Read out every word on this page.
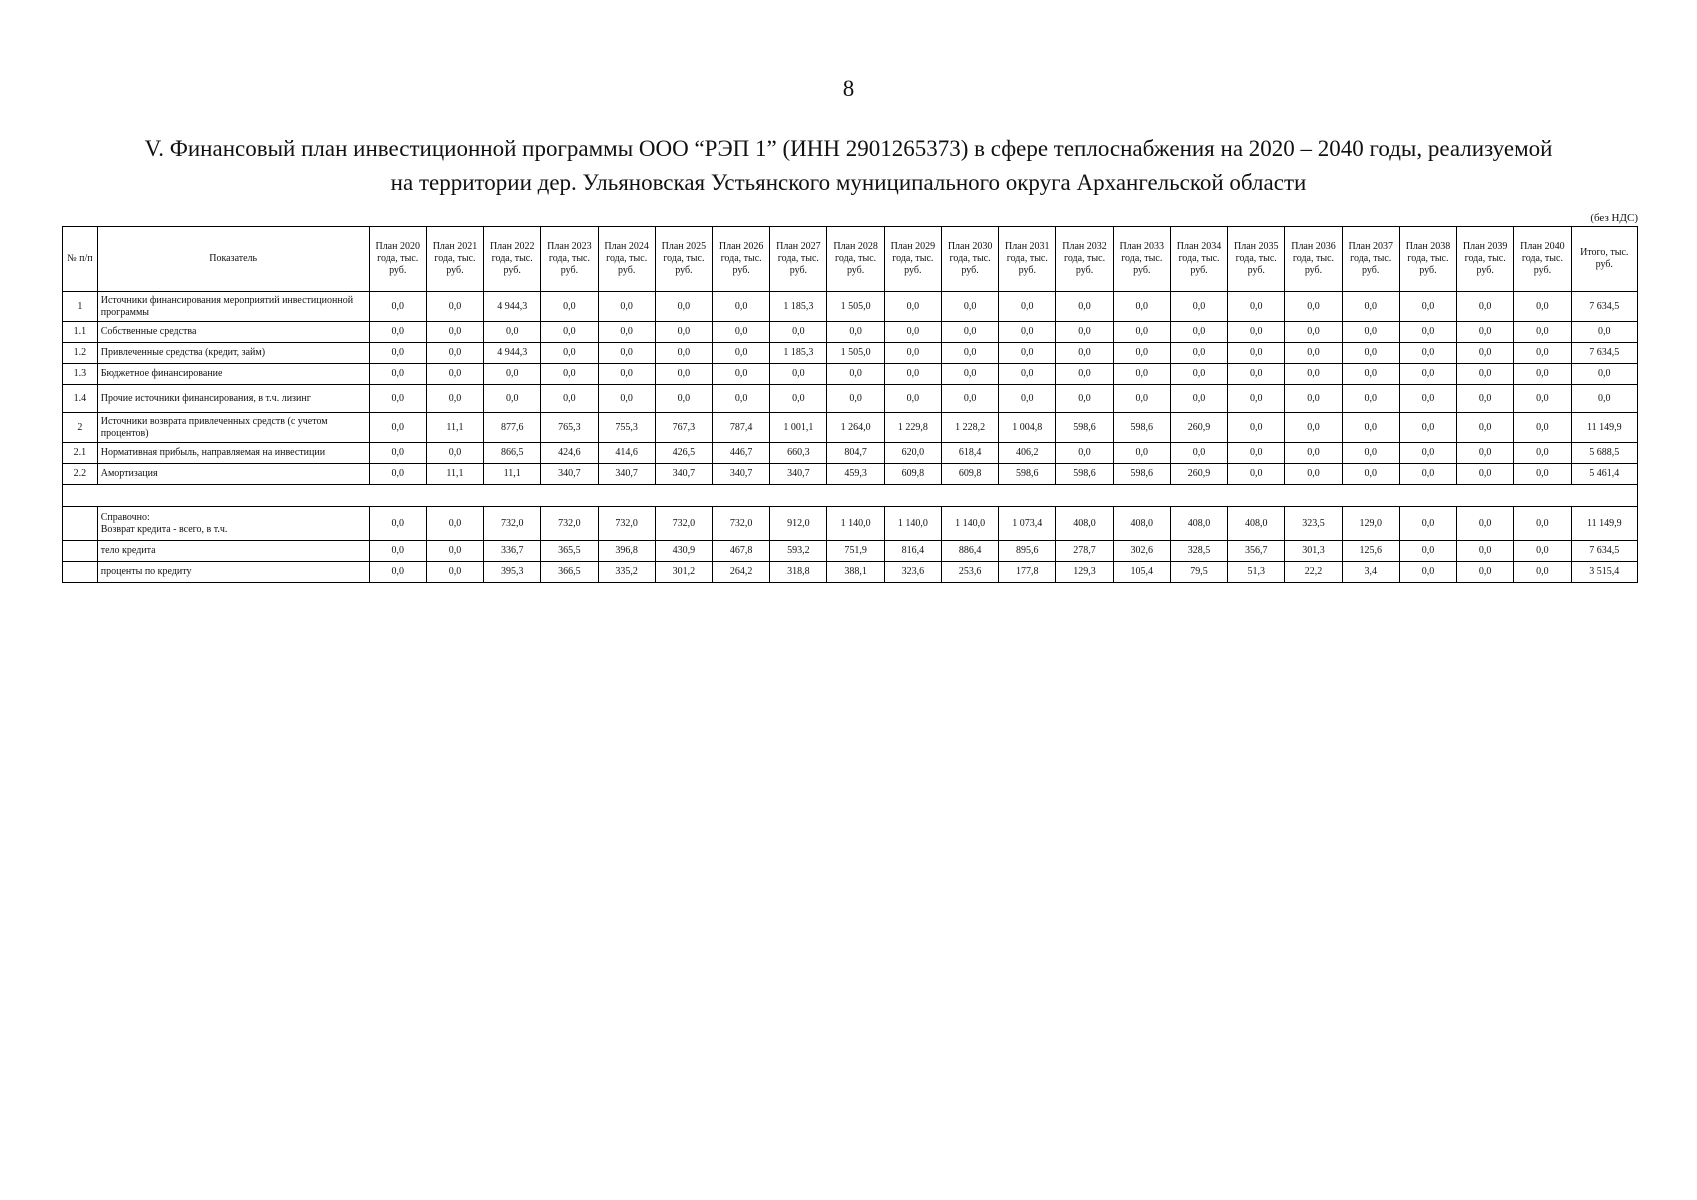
8
V. Финансовый план инвестиционной программы ООО “РЭП 1” (ИНН 2901265373) в сфере теплоснабжения на 2020 – 2040 годы, реализуемой
на территории дер. Ульяновская Устьянского муниципального округа Архангельской области
(без НДС)
№ п/п	Показатель	План 2020 года, тыс. руб.	План 2021 года, тыс. руб.	План 2022 года, тыс. руб.	План 2023 года, тыс. руб.	План 2024 года, тыс. руб.	План 2025 года, тыс. руб.	План 2026 года, тыс. руб.	План 2027 года, тыс. руб.	План 2028 года, тыс. руб.	План 2029 года, тыс. руб.	План 2030 года, тыс. руб.	План 2031 года, тыс. руб.	План 2032 года, тыс. руб.	План 2033 года, тыс. руб.	План 2034 года, тыс. руб.	План 2035 года, тыс. руб.	План 2036 года, тыс. руб.	План 2037 года, тыс. руб.	План 2038 года, тыс. руб.	План 2039 года, тыс. руб.	План 2040 года, тыс. руб.	Итого, тыс. руб.
1	Источники финансирования мероприятий инвестиционной программы	0,0	0,0	4 944,3	0,0	0,0	0,0	0,0	1 185,3	1 505,0	0,0	0,0	0,0	0,0	0,0	0,0	0,0	0,0	0,0	0,0	0,0	0,0	7 634,5
1.1	Собственные средства	0,0	0,0	0,0	0,0	0,0	0,0	0,0	0,0	0,0	0,0	0,0	0,0	0,0	0,0	0,0	0,0	0,0	0,0	0,0	0,0	0,0	0,0
1.2	Привлеченные средства (кредит, займ)	0,0	0,0	4 944,3	0,0	0,0	0,0	0,0	1 185,3	1 505,0	0,0	0,0	0,0	0,0	0,0	0,0	0,0	0,0	0,0	0,0	0,0	0,0	7 634,5
1.3	Бюджетное финансирование	0,0	0,0	0,0	0,0	0,0	0,0	0,0	0,0	0,0	0,0	0,0	0,0	0,0	0,0	0,0	0,0	0,0	0,0	0,0	0,0	0,0	0,0
1.4	Прочие источники финансирования, в т.ч. лизинг	0,0	0,0	0,0	0,0	0,0	0,0	0,0	0,0	0,0	0,0	0,0	0,0	0,0	0,0	0,0	0,0	0,0	0,0	0,0	0,0	0,0	0,0
2	Источники возврата привлеченных средств (с учетом процентов)	0,0	11,1	877,6	765,3	755,3	767,3	787,4	1 001,1	1 264,0	1 229,8	1 228,2	1 004,8	598,6	598,6	260,9	0,0	0,0	0,0	0,0	0,0	0,0	11 149,9
2.1	Нормативная прибыль, направляемая на инвестиции	0,0	0,0	866,5	424,6	414,6	426,5	446,7	660,3	804,7	620,0	618,4	406,2	0,0	0,0	0,0	0,0	0,0	0,0	0,0	0,0	0,0	5 688,5
2.2	Амортизация	0,0	11,1	11,1	340,7	340,7	340,7	340,7	340,7	459,3	609,8	609,8	598,6	598,6	598,6	260,9	0,0	0,0	0,0	0,0	0,0	0,0	5 461,4

	Справочно:
Возврат кредита - всего, в т.ч.	0,0	0,0	732,0	732,0	732,0	732,0	732,0	912,0	1 140,0	1 140,0	1 140,0	1 073,4	408,0	408,0	408,0	408,0	323,5	129,0	0,0	0,0	0,0	11 149,9

	тело кредита	0,0	0,0	336,7	365,5	396,8	430,9	467,8	593,2	751,9	816,4	886,4	895,6	278,7	302,6	328,5	356,7	301,3	125,6	0,0	0,0	0,0	7 634,5

	проценты по кредиту	0,0	0,0	395,3	366,5	335,2	301,2	264,2	318,8	388,1	323,6	253,6	177,8	129,3	105,4	79,5	51,3	22,2	3,4	0,0	0,0	0,0	3 515,4
